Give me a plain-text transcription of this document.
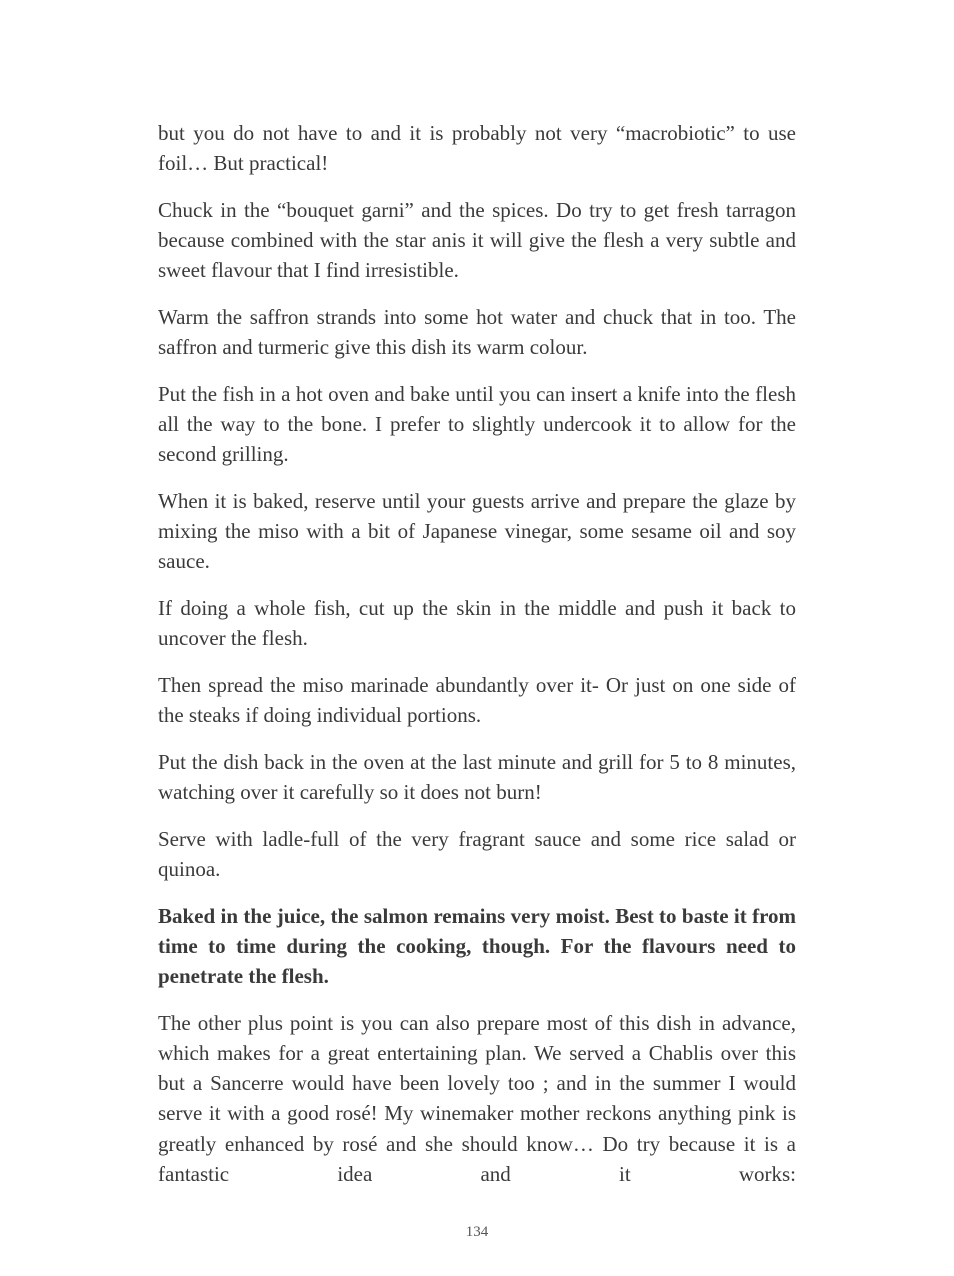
but you do not have to and it is probably not very “macrobiotic” to use foil… But practical!

Chuck in the “bouquet garni” and the spices. Do try to get fresh tarragon because combined with the star anis it will give the flesh a very subtle and sweet flavour that I find irresistible.

Warm the saffron strands into some hot water and chuck that in too. The saffron and turmeric give this dish its warm colour.

Put the fish in a hot oven and bake until you can insert a knife into the flesh all the way to the bone. I prefer to slightly undercook it to allow for the second grilling.

When it is baked, reserve until your guests arrive and prepare the glaze by mixing the miso with a bit of Japanese vinegar, some sesame oil and soy sauce.

If doing a whole fish, cut up the skin in the middle and push it back to uncover the flesh.

Then spread the miso marinade abundantly over it- Or just on one side of the steaks if doing individual portions.

Put the dish back in the oven at the last minute and grill for 5 to 8 minutes, watching over it carefully so it does not burn!

Serve with ladle-full of the very fragrant sauce and some rice salad or quinoa.

Baked in the juice, the salmon remains very moist. Best to baste it from time to time during the cooking, though. For the flavours need to penetrate the flesh.

The other plus point is you can also prepare most of this dish in advance, which makes for a great entertaining plan. We served a Chablis over this but a Sancerre would have been lovely too ; and in the summer I would serve it with a good rosé! My winemaker mother reckons anything pink is greatly enhanced by rosé and she should know… Do try because it is a fantastic idea and it works:

134
